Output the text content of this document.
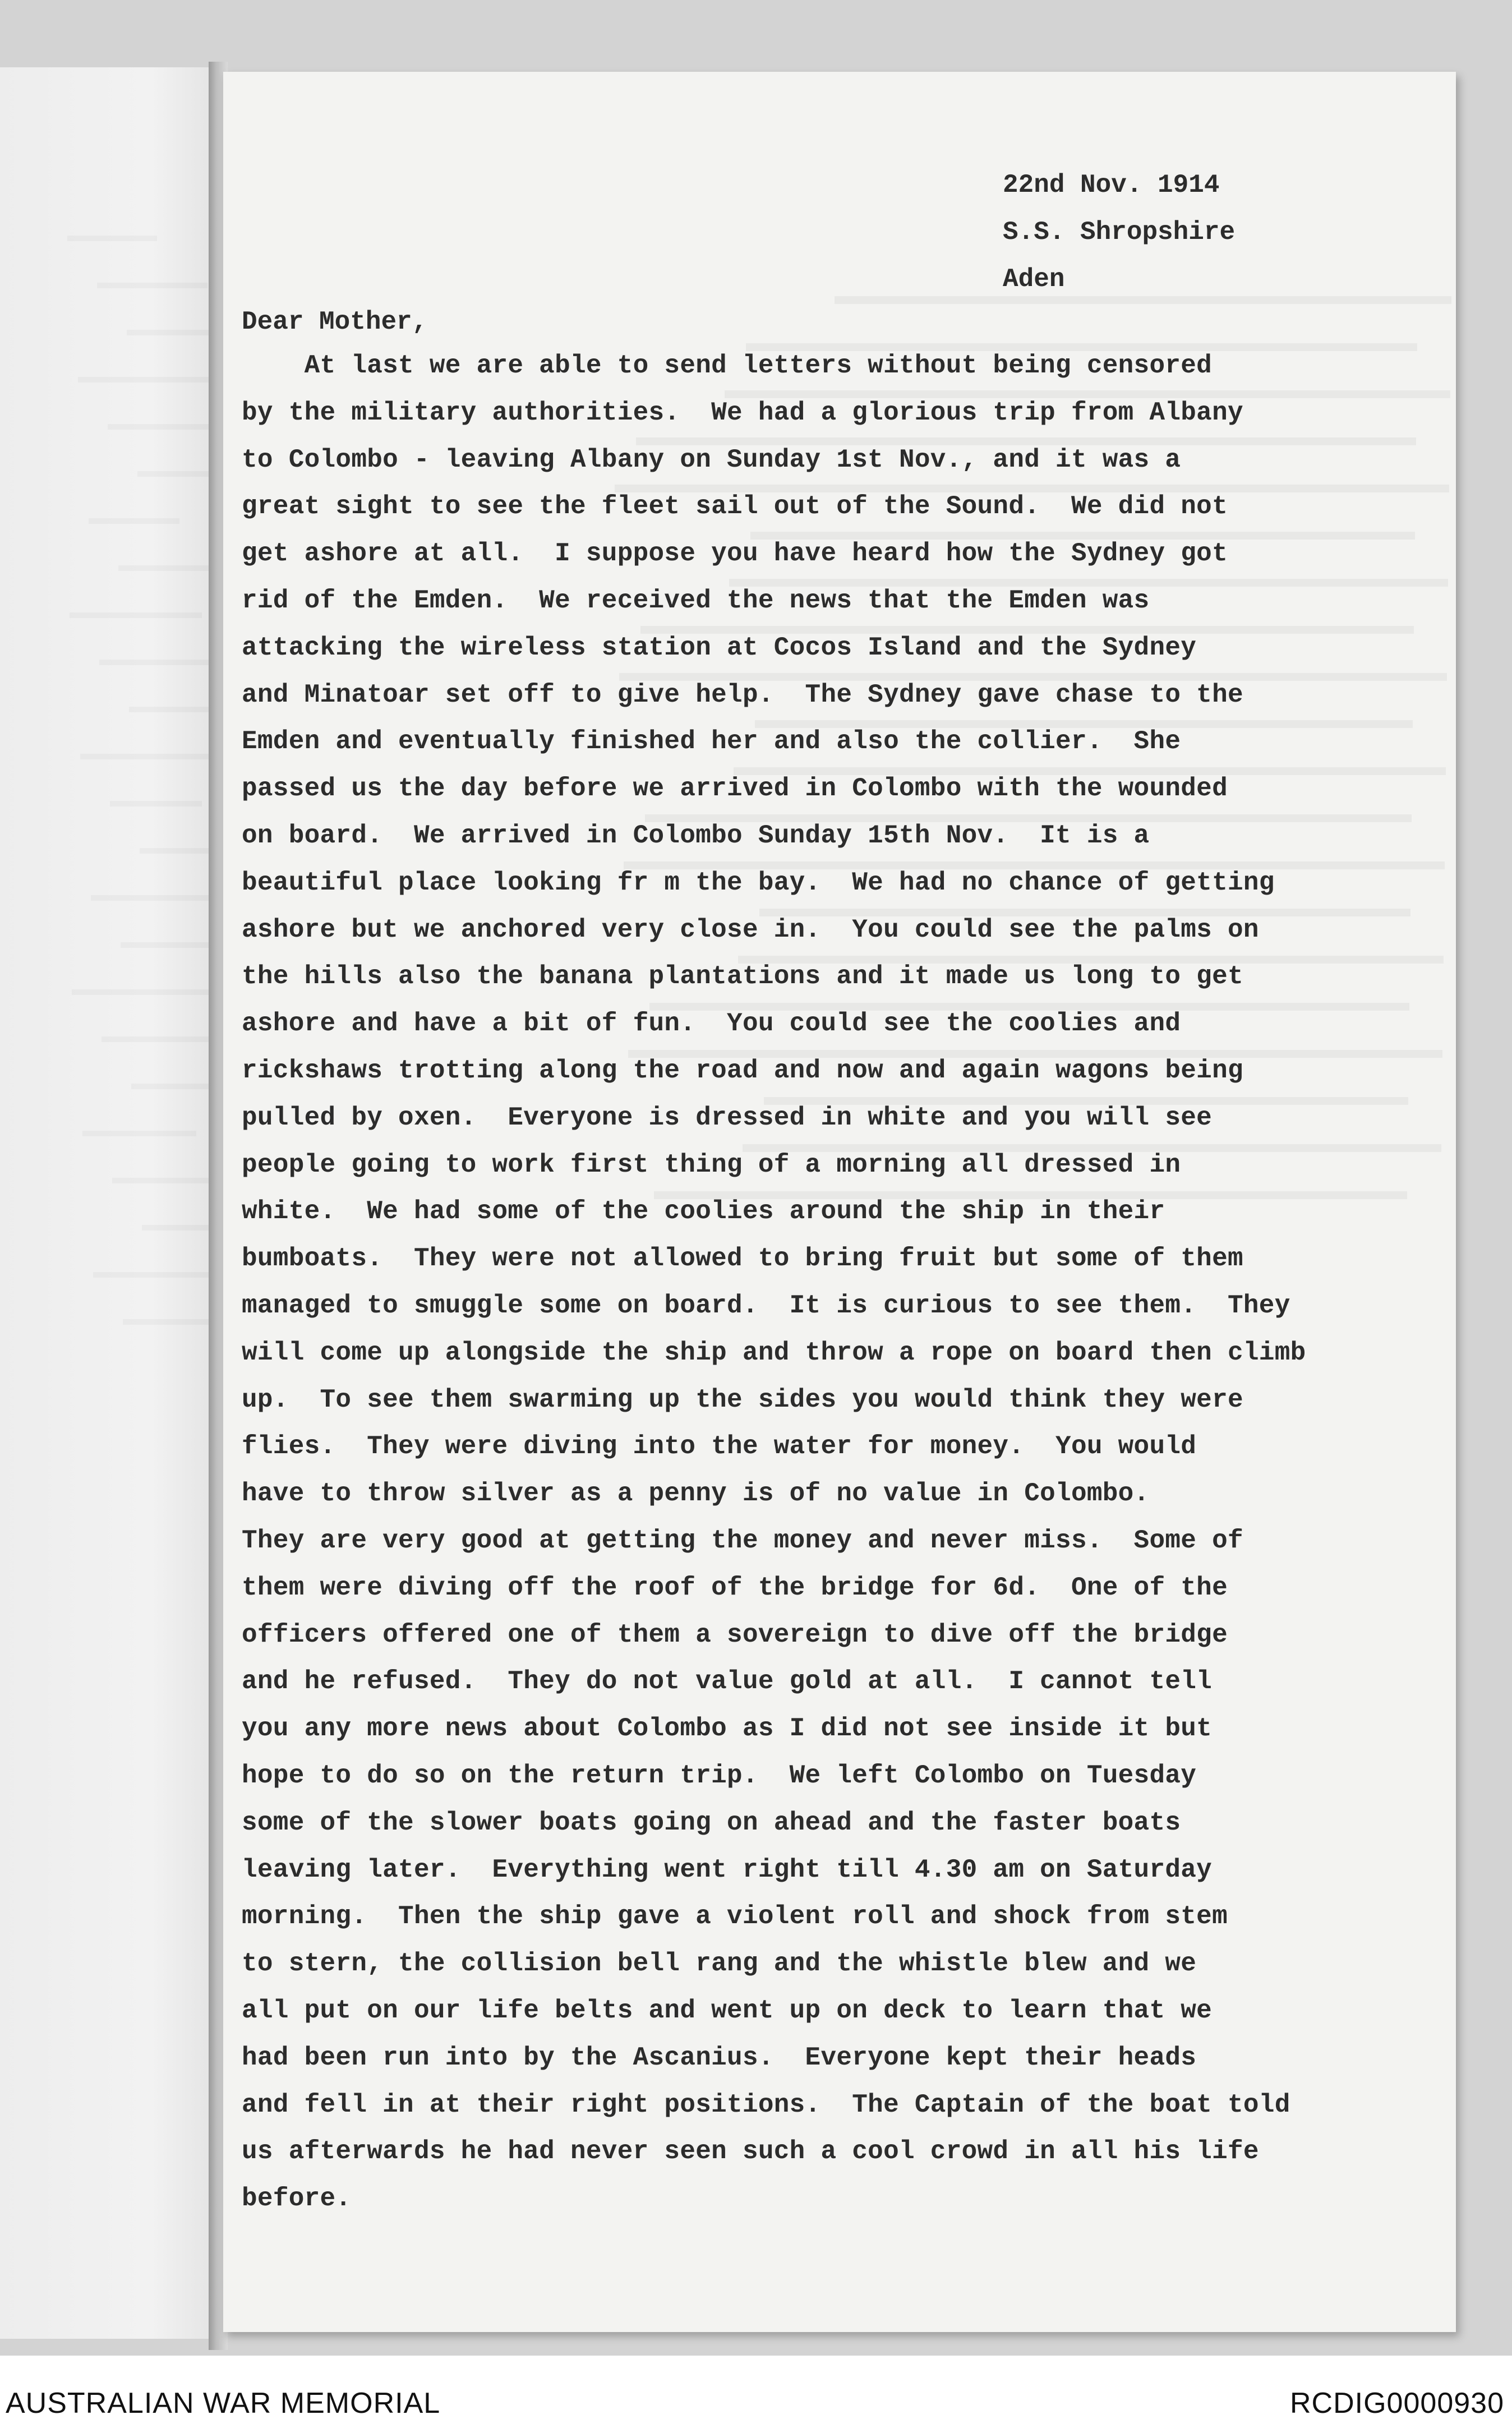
22nd Nov. 1914
S.S. Shropshire
Aden
Dear Mother,
At last we are able to send letters without being censored
by the military authorities.  We had a glorious trip from Albany
to Colombo - leaving Albany on Sunday 1st Nov., and it was a
great sight to see the fleet sail out of the Sound.  We did not
get ashore at all.  I suppose you have heard how the Sydney got
rid of the Emden.  We received the news that the Emden was
attacking the wireless station at Cocos Island and the Sydney
and Minatoar set off to give help.  The Sydney gave chase to the
Emden and eventually finished her and also the collier.  She
passed us the day before we arrived in Colombo with the wounded
on board.  We arrived in Colombo Sunday 15th Nov.  It is a
beautiful place looking fr m the bay.  We had no chance of getting
ashore but we anchored very close in.  You could see the palms on
the hills also the banana plantations and it made us long to get
ashore and have a bit of fun.  You could see the coolies and
rickshaws trotting along the road and now and again wagons being
pulled by oxen.  Everyone is dressed in white and you will see
people going to work first thing of a morning all dressed in
white.  We had some of the coolies around the ship in their
bumboats.  They were not allowed to bring fruit but some of them
managed to smuggle some on board.  It is curious to see them.  They
will come up alongside the ship and throw a rope on board then climb
up.  To see them swarming up the sides you would think they were
flies.  They were diving into the water for money.  You would
have to throw silver as a penny is of no value in Colombo.
They are very good at getting the money and never miss.  Some of
them were diving off the roof of the bridge for 6d.  One of the
officers offered one of them a sovereign to dive off the bridge
and he refused.  They do not value gold at all.  I cannot tell
you any more news about Colombo as I did not see inside it but
hope to do so on the return trip.  We left Colombo on Tuesday
some of the slower boats going on ahead and the faster boats
leaving later.  Everything went right till 4.30 am on Saturday
morning.  Then the ship gave a violent roll and shock from stem
to stern, the collision bell rang and the whistle blew and we
all put on our life belts and went up on deck to learn that we
had been run into by the Ascanius.  Everyone kept their heads
and fell in at their right positions.  The Captain of the boat told
us afterwards he had never seen such a cool crowd in all his life
before.
AUSTRALIAN WAR MEMORIAL	RCDIG0000930
